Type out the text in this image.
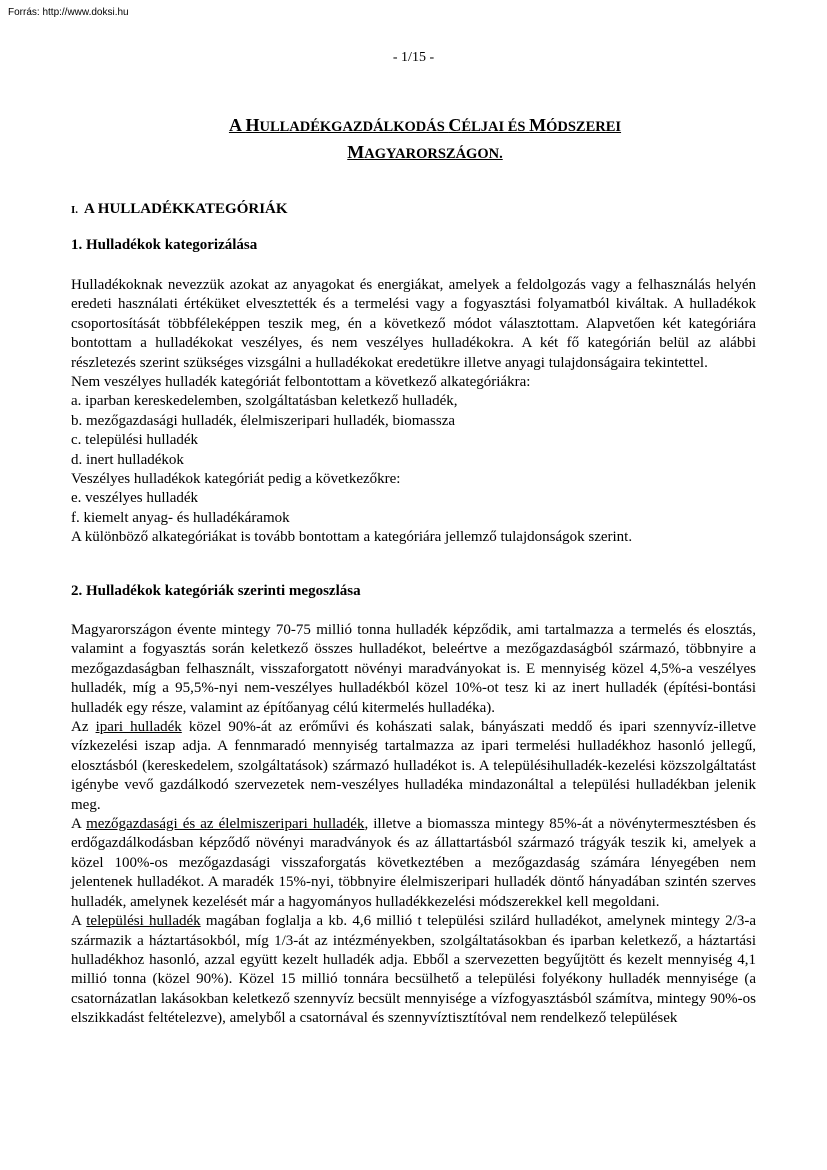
Forrás: http://www.doksi.hu
- 1/15 -
A HULLADÉKGAZDÁLKODÁS CÉLJAI ÉS MÓDSZEREI
MAGYARORSZÁGON.
I. A HULLADÉKKATEGÓRIÁK
1. Hulladékok kategorizálása

Hulladékoknak nevezzük azokat az anyagokat és energiákat, amelyek a feldolgozás vagy a felhasználás helyén eredeti használati értéküket elvesztették és a termelési vagy a fogyasztási folyamatból kiváltak. A hulladékok csoportosítását többféleképpen teszik meg, én a következő módot választottam. Alapvetően két kategóriára bontottam a hulladékokat veszélyes, és nem veszélyes hulladékokra. A két fő kategórián belül az alábbi részletezés szerint szükséges vizsgálni a hulladékokat eredetükre illetve anyagi tulajdonságaira tekintettel.

Nem veszélyes hulladék kategóriát felbontottam a következő alkategóriákra:

a. iparban kereskedelemben, szolgáltatásban keletkező hulladék,

b. mezőgazdasági hulladék, élelmiszeripari hulladék, biomassza

c. települési hulladék

d. inert hulladékok

Veszélyes hulladékok kategóriát pedig a következőkre:

e. veszélyes hulladék

f. kiemelt anyag- és hulladékáramok

A különböző alkategóriákat is tovább bontottam a kategóriára jellemző tulajdonságok szerint.

2. Hulladékok kategóriák szerinti megoszlása

Magyarországon évente mintegy 70-75 millió tonna hulladék képződik, ami tartalmazza a termelés és elosztás, valamint a fogyasztás során keletkező összes hulladékot, beleértve a mezőgazdaságból származó, többnyire a mezőgazdaságban felhasznált, visszaforgatott növényi maradványokat is. E mennyiség közel 4,5%-a veszélyes hulladék, míg a 95,5%-nyi nem-veszélyes hulladékból közel 10%-ot tesz ki az inert hulladék (építési-bontási hulladék egy része, valamint az építőanyag célú kitermelés hulladéka).

Az ipari hulladék közel 90%-át az erőművi és kohászati salak, bányászati meddő és ipari szennyvíz-illetve vízkezelési iszap adja. A fennmaradó mennyiség tartalmazza az ipari termelési hulladékhoz hasonló jellegű, elosztásból (kereskedelem, szolgáltatások) származó hulladékot is. A településihulladék-kezelési közszolgáltatást igénybe vevő gazdálkodó szervezetek nem-veszélyes hulladéka mindazonáltal a települési hulladékban jelenik meg.

A mezőgazdasági és az élelmiszeripari hulladék, illetve a biomassza mintegy 85%-át a növénytermesztésben és erdőgazdálkodásban képződő növényi maradványok és az állattartásból származó trágyák teszik ki, amelyek a közel 100%-os mezőgazdasági visszaforgatás következtében a mezőgazdaság számára lényegében nem jelentenek hulladékot. A maradék 15%-nyi, többnyire élelmiszeripari hulladék döntő hányadában szintén szerves hulladék, amelynek kezelését már a hagyományos hulladékkezelési módszerekkel kell megoldani.

A települési hulladék magában foglalja a kb. 4,6 millió t települési szilárd hulladékot, amelynek mintegy 2/3-a származik a háztartásokból, míg 1/3-át az intézményekben, szolgáltatásokban és iparban keletkező, a háztartási hulladékhoz hasonló, azzal együtt kezelt hulladék adja. Ebből a szervezetten begyűjtött és kezelt mennyiség 4,1 millió tonna (közel 90%). Közel 15 millió tonnára becsülhető a települési folyékony hulladék mennyisége (a csatornázatlan lakásokban keletkező szennyvíz becsült mennyisége a vízfogyasztásból számítva, mintegy 90%-os elszikkadást feltételezve), amelyből a csatornával és szennyvíztisztítóval nem rendelkező települések
